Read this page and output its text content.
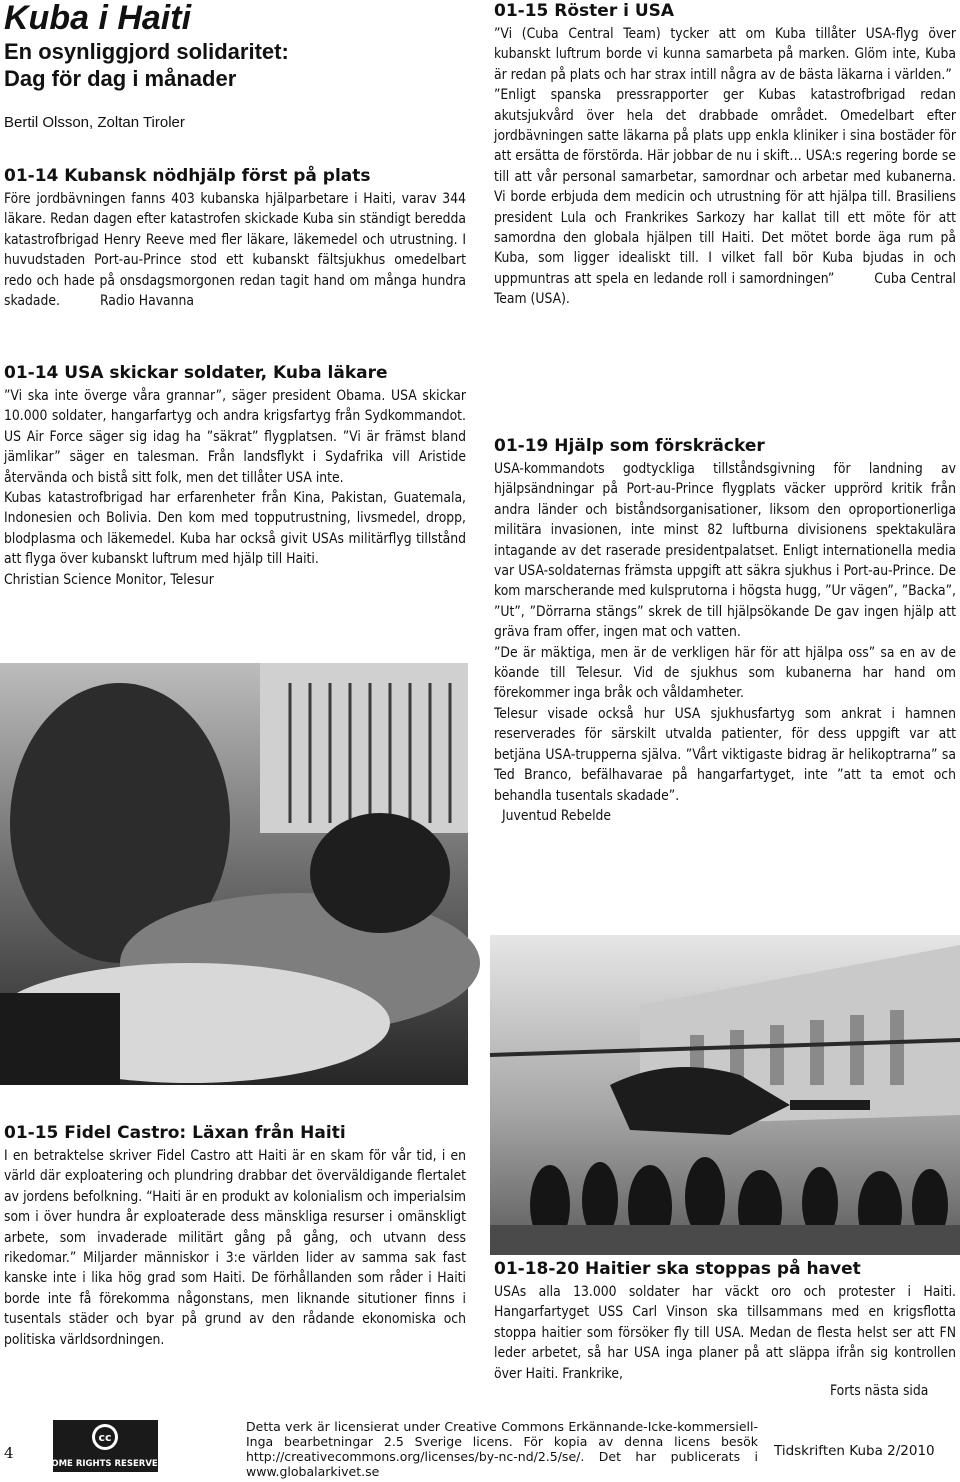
Kuba i Haiti
En osynliggjord solidaritet:
Dag för dag i månader
Bertil Olsson, Zoltan Tiroler
01-14 Kubansk nödhjälp först på plats

Före jordbävningen fanns 403 kubanska hjälparbetare i Haiti, varav 344 läkare. Redan dagen efter katastrofen skickade Kuba sin ständigt beredda katastrofbrigad Henry Reeve med fler läkare, läkemedel och utrustning. I huvudstaden Port-au-Prince stod ett kubanskt fältsjukhus omedelbart redo och hade på onsdagsmorgonen redan tagit hand om många hundra skadade.	Radio Havanna

01-14 USA skickar soldater, Kuba läkare

”Vi ska inte överge våra grannar”, säger president Obama. USA skickar 10.000 soldater, hangarfartyg och andra krigsfartyg från Sydkommandot. US Air Force säger sig idag ha ”säkrat” flygplatsen. ”Vi är främst bland jämlikar” säger en talesman. Från landsflykt i Sydafrika vill Aristide återvända och bistå sitt folk, men det tillåter USA inte.

Kubas katastrofbrigad har erfarenheter från Kina, Pakistan, Guatemala, Indonesien och Bolivia. Den kom med topputrustning, livsmedel, dropp, blodplasma och läkemedel. Kuba har också givit USAs militärflyg tillstånd att flyga över kubanskt luftrum med hjälp till Haiti.

Christian Science Monitor, Telesur

01-15 Röster i USA

”Vi (Cuba Central Team) tycker att om Kuba tillåter USA-flyg över kubanskt luftrum borde vi kunna samarbeta på marken. Glöm inte, Kuba är redan på plats och har strax intill några av de bästa läkarna i världen.”

”Enligt spanska pressrapporter ger Kubas katastrofbrigad redan akutsjukvård över hela det drabbade området. Omedelbart efter jordbävningen satte läkarna på plats upp enkla kliniker i sina bostäder för att ersätta de förstörda. Här jobbar de nu i skift… USA:s regering borde se till att vår personal samarbetar, samordnar och arbetar med kubanerna. Vi borde erbjuda dem medicin och utrustning för att hjälpa till. Brasiliens president Lula och Frankrikes Sarkozy har kallat till ett möte för att samordna den globala hjälpen till Haiti. Det mötet borde äga rum på Kuba, som ligger idealiskt till. I vilket fall bör Kuba bjudas in och uppmuntras att spela en ledande roll i samordningen”	Cuba Central Team (USA).

01-19 Hjälp som förskräcker

USA-kommandots godtyckliga tillståndsgivning för landning av hjälpsändningar på Port-au-Prince flygplats väcker upprörd kritik från andra länder och biståndsorganisationer, liksom den oproportionerliga militära invasionen, inte minst 82 luftburna divisionens spektakulära intagande av det raserade presidentpalatset. Enligt internationella media var USA-soldaternas främsta uppgift att säkra sjukhus i Port-au-Prince. De kom marscherande med kulsprutorna i högsta hugg, ”Ur vägen”, ”Backa”, ”Ut”, ”Dörrarna stängs” skrek de till hjälpsökande De gav ingen hjälp att gräva fram offer, ingen mat och vatten.

”De är mäktiga, men är de verkligen här för att hjälpa oss” sa en av de köande till Telesur. Vid de sjukhus som kubanerna har hand om förekommer inga bråk och våldamheter.

Telesur visade också hur USA sjukhusfartyg som ankrat i hamnen reserverades för särskilt utvalda patienter, för dess uppgift var att betjäna USA-trupperna själva. ”Vårt viktigaste bidrag är helikoptrarna” sa Ted Branco, befälhavarae på hangarfartyget, inte ”att ta emot och behandla tusentals skadade”.

Juventud Rebelde

01-15 Fidel Castro: Läxan från Haiti

I en betraktelse skriver Fidel Castro att Haiti är en skam för vår tid, i en värld där exploatering och plundring drabbar det överväldigande flertalet av jordens befolkning. “Haiti är en produkt av kolonialism och imperialsim som i över hundra år exploaterade dess mänskliga resurser i omänskligt arbete, som invaderade militärt gång på gång, och utvann dess rikedomar.” Miljarder människor i 3:e världen lider av samma sak fast kanske inte i lika hög grad som Haiti. De förhållanden som råder i Haiti borde inte få förekomma någonstans, men liknande situtioner finns i tusentals städer och byar på grund av den rådande ekonomiska och politiska världsordningen.

01-18-20 Haitier ska stoppas på havet

USAs alla 13.000 soldater har väckt oro och protester i Haiti. Hangarfartyget USS Carl Vinson ska tillsammans med en krigsflotta stoppa haitier som försöker fly till USA. Medan de flesta helst ser att FN leder arbetet, så har USA inga planer på att släppa ifrån sig kontrollen över Haiti. Frankrike,

Forts nästa sida
4
cc
SOME RIGHTS RESERVED
Detta verk är licensierat under Creative Commons Erkännande-Icke-kommersiell-Inga bearbetningar 2.5 Sverige licens. För kopia av denna licens besök http://creativecommons.org/licenses/by-nc-nd/2.5/se/. Det har publicerats i www.globalarkivet.se
Tidskriften Kuba 2/2010
